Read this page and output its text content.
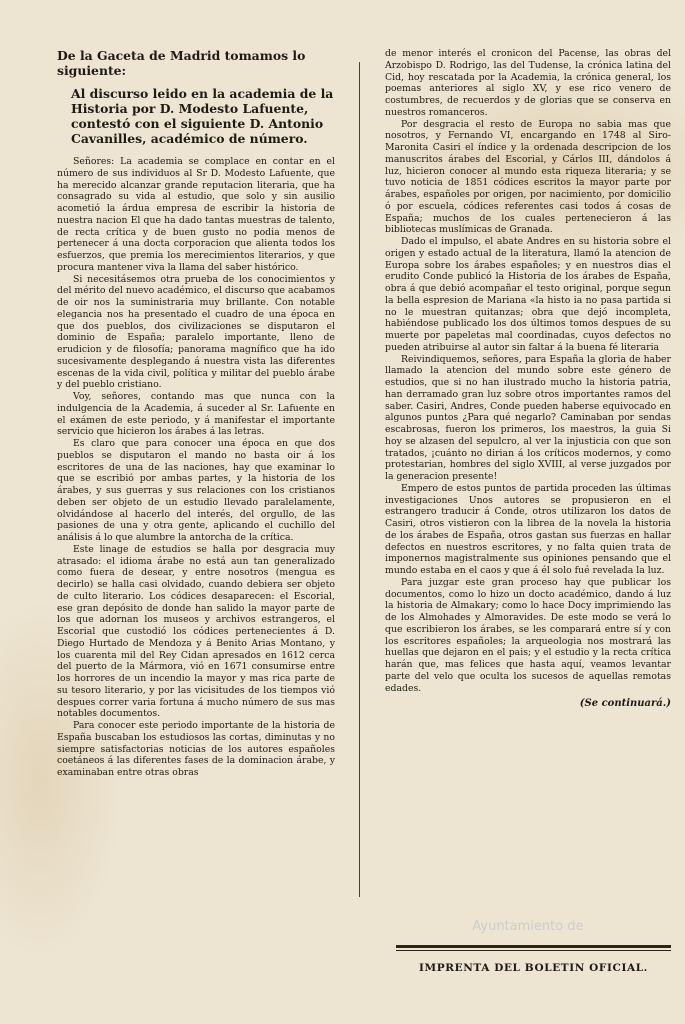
De la Gaceta de Madrid tomamos lo siguiente:
Al discurso leido en la academia de la Historia por D. Modesto Lafuente, contestó con el siguiente D. Antonio Cavanilles, académico de número.

Señores: La academia se complace en contar en el número de sus individuos al Sr D. Modesto Lafuente, que ha merecido alcanzar grande reputacion literaria, que ha consagrado su vida al estudio, que solo y sin ausilio acometió la árdua empresa de escribir la historia de nuestra nacion El que ha dado tantas muestras de talento, de recta crítica y de buen gusto no podia menos de pertenecer á una docta corporacion que alienta todos los esfuerzos, que premia los merecimientos literarios, y que procura mantener viva la llama del saber histórico.

Si necesitásemos otra prueba de los conocimientos y del mérito del nuevo académico, el discurso que acabamos de oir nos la suministraria muy brillante. Con notable elegancia nos ha presentado el cuadro de una época en que dos pueblos, dos civilizaciones se disputaron el dominio de España; paralelo importante, lleno de erudicion y de filosofía; panorama magnífico que ha ido sucesivamente desplegando á nuestra vista las diferentes escenas de la vida civil, política y militar del pueblo árabe y del pueblo cristiano.

Voy, señores, contando mas que nunca con la indulgencia de la Academia, á suceder al Sr. Lafuente en el exámen de este periodo, y á manifestar el importante servicio que hicieron los árabes á las letras.

Es claro que para conocer una época en que dos pueblos se disputaron el mando no basta oir á los escritores de una de las naciones, hay que examinar lo que se escribió por ambas partes, y la historia de los árabes, y sus guerras y sus relaciones con los cristianos deben ser objeto de un estudio llevado paralelamente, olvidándose al hacerlo del interés, del orgullo, de las pasiones de una y otra gente, aplicando el cuchillo del análisis á lo que alumbre la antorcha de la crítica.

Este linage de estudios se halla por desgracia muy atrasado: el idioma árabe no está aun tan generalizado como fuera de desear, y entre nosotros (mengua es decirlo) se halla casi olvidado, cuando debiera ser objeto de culto literario. Los códices desaparecen: el Escorial, ese gran depósito de donde han salido la mayor parte de los que adornan los museos y archivos estrangeros, el Escorial que custodió los códices pertenecientes á D. Diego Hurtado de Mendoza y á Benito Arias Montano, y los cuarenta mil del Rey Cidan apresados en 1612 cerca del puerto de la Mármora, vió en 1671 consumirse entre los horrores de un incendio la mayor y mas rica parte de su tesoro literario, y por las vicisitudes de los tiempos vió despues correr varia fortuna á mucho número de sus mas notables documentos.

Para conocer este periodo importante de la historia de España buscaban los estudiosos las cortas, diminutas y no siempre satisfactorias noticias de los autores españoles coetáneos á las diferentes fases de la dominacion árabe, y examinaban entre otras obras

de menor interés el cronicon del Pacense, las obras del Arzobispo D. Rodrigo, las del Tudense, la crónica latina del Cid, hoy rescatada por la Academia, la crónica general, los poemas anteriores al siglo XV, y ese rico venero de costumbres, de recuerdos y de glorias que se conserva en nuestros romanceros.

Por desgracia el resto de Europa no sabia mas que nosotros, y Fernando VI, encargando en 1748 al Siro-Maronita Casiri el índice y la ordenada descripcion de los manuscritos árabes del Escorial, y Cárlos III, dándolos á luz, hicieron conocer al mundo esta riqueza literaria; y se tuvo noticia de 1851 códices escritos la mayor parte por árabes, españoles por origen, por nacimiento, por domicilio ó por escuela, códices referentes casi todos á cosas de España; muchos de los cuales pertenecieron á las bibliotecas muslímicas de Granada.

Dado el impulso, el abate Andres en su historia sobre el origen y estado actual de la literatura, llamó la atencion de Europa sobre los árabes españoles; y en nuestros dias el erudito Conde publicó la Historia de los árabes de España, obra á que debió acompañar el testo original, porque segun la bella espresion de Mariana «la histo ia no pasa partida si no le muestran quitanzas; obra que dejó incompleta, habiéndose publicado los dos últimos tomos despues de su muerte por papeletas mal coordinadas, cuyos defectos no pueden atribuirse al autor sin faltar á la buena fé literaria

Reivindiquemos, señores, para España la gloria de haber llamado la atencion del mundo sobre este género de estudios, que si no han ilustrado mucho la historia patria, han derramado gran luz sobre otros importantes ramos del saber. Casiri, Andres, Conde pueden haberse equivocado en algunos puntos ¿Para qué negarlo? Caminaban por sendas escabrosas, fueron los primeros, los maestros, la guia Si hoy se alzasen del sepulcro, al ver la injusticia con que son tratados, ¡cuánto no dirian á los críticos modernos, y como protestarian, hombres del siglo XVIII, al verse juzgados por la generacion presente!

Empero de estos puntos de partida proceden las últimas investigaciones Unos autores se propusieron en el estrangero traducir á Conde, otros utilizaron los datos de Casiri, otros vistieron con la librea de la novela la historia de los árabes de España, otros gastan sus fuerzas en hallar defectos en nuestros escritores, y no falta quien trata de imponernos magistralmente sus opiniones pensando que el mundo estaba en el caos y que á él solo fué revelada la luz.

Para juzgar este gran proceso hay que publicar los documentos, como lo hizo un docto académico, dando á luz la historia de Almakary; como lo hace Docy imprimiendo las de los Almohades y Almoravides. De este modo se verá lo que escribieron los árabes, se les comparará entre sí y con los escritores españoles; la arqueologia nos mostrará las huellas que dejaron en el pais; y el estudio y la recta crítica harán que, mas felices que hasta aquí, veamos levantar parte del velo que oculta los sucesos de aquellas remotas edades.

(Se continuará.)
Ayuntamiento de
IMPRENTA DEL BOLETIN OFICIAL.
